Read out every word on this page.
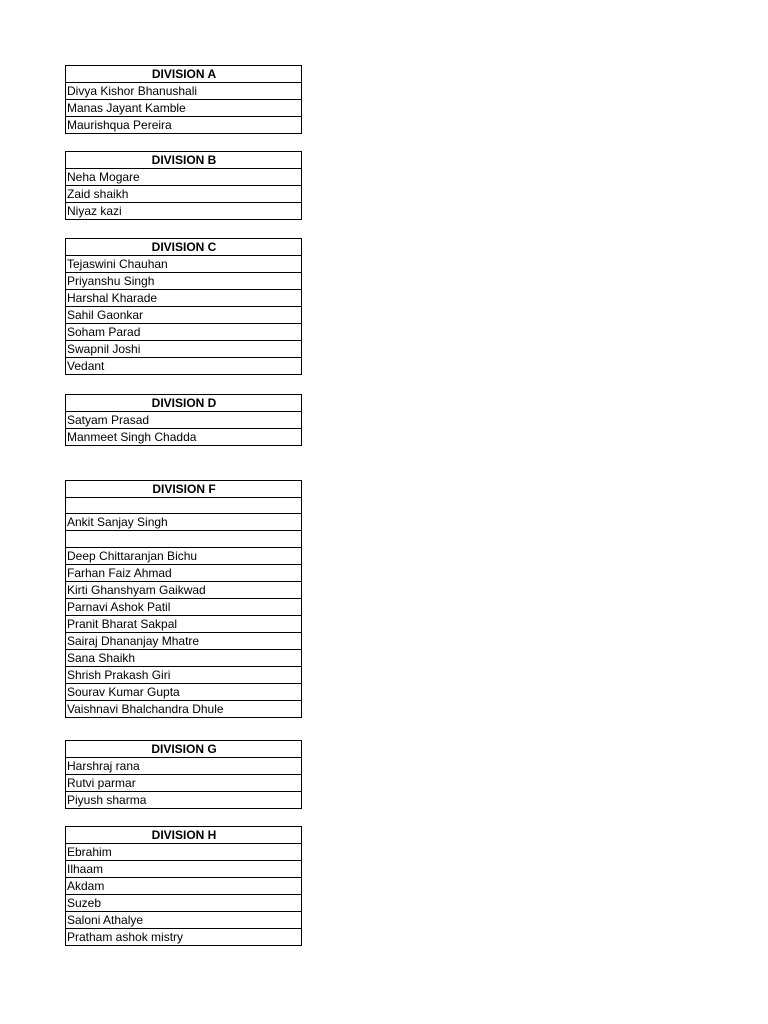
DIVISION A
Divya Kishor Bhanushali
Manas Jayant Kamble
Maurishqua Pereira
DIVISION B
Neha Mogare
Zaid shaikh
Niyaz kazi
DIVISION C
Tejaswini Chauhan
Priyanshu Singh
Harshal Kharade
Sahil Gaonkar
Soham Parad
Swapnil Joshi
Vedant
DIVISION D
Satyam Prasad
Manmeet Singh Chadda
DIVISION F

Ankit Sanjay Singh

Deep Chittaranjan Bichu
Farhan Faiz Ahmad
Kirti Ghanshyam Gaikwad
Parnavi Ashok Patil
Pranit Bharat Sakpal
Sairaj Dhananjay Mhatre
Sana Shaikh
Shrish Prakash Giri
Sourav Kumar Gupta
Vaishnavi Bhalchandra Dhule
DIVISION G
Harshraj rana
Rutvi parmar
Piyush sharma
DIVISION H
Ebrahim
Ilhaam
Akdam
Suzeb
Saloni Athalye
Pratham ashok mistry
